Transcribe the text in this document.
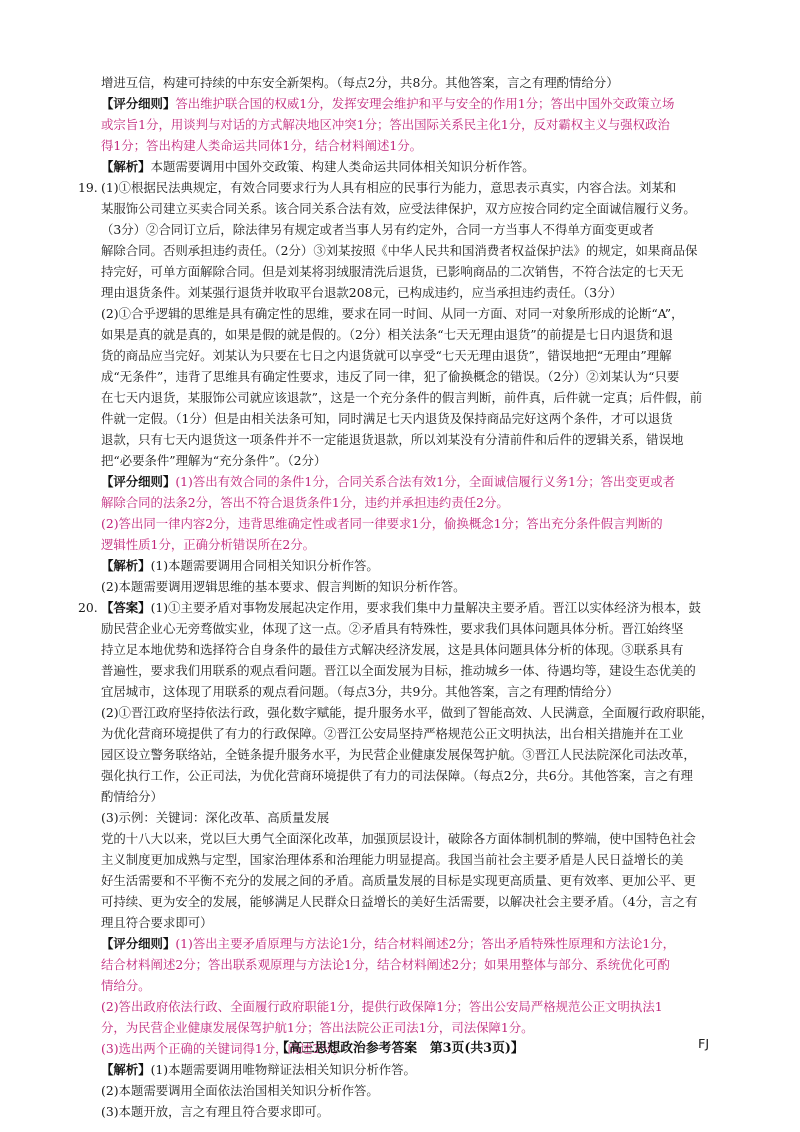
增进互信，构建可持续的中东安全新架构。（每点2分，共8分。其他答案，言之有理酌情给分）
【评分细则】答出维护联合国的权威1分，发挥安理会维护和平与安全的作用1分；答出中国外交政策立场
或宗旨1分，用谈判与对话的方式解决地区冲突1分；答出国际关系民主化1分，反对霸权主义与强权政治
得1分；答出构建人类命运共同体1分，结合材料阐述1分。
【解析】本题需要调用中国外交政策、构建人类命运共同体相关知识分析作答。
19. (1)①根据民法典规定，有效合同要求行为人具有相应的民事行为能力，意思表示真实，内容合法。刘某和
某服饰公司建立买卖合同关系。该合同关系合法有效，应受法律保护，双方应按合同约定全面诚信履行义务。
（3分）②合同订立后，除法律另有规定或者当事人另有约定外，合同一方当事人不得单方面变更或者
解除合同。否则承担违约责任。（2分）③刘某按照《中华人民共和国消费者权益保护法》的规定，如果商品保
持完好，可单方面解除合同。但是刘某将羽绒服清洗后退货，已影响商品的二次销售，不符合法定的七天无
理由退货条件。刘某强行退货并收取平台退款208元，已构成违约，应当承担违约责任。（3分）
(2)①合乎逻辑的思维是具有确定性的思维，要求在同一时间、从同一方面、对同一对象所形成的论断“A”，
如果是真的就是真的，如果是假的就是假的。（2分）相关法条“七天无理由退货”的前提是七日内退货和退
货的商品应当完好。刘某认为只要在七日之内退货就可以享受“七天无理由退货”，错误地把“无理由”理解
成“无条件”，违背了思维具有确定性要求，违反了同一律，犯了偷换概念的错误。（2分）②刘某认为“只要
在七天内退货，某服饰公司就应该退款”，这是一个充分条件的假言判断，前件真，后件就一定真；后件假，前
件就一定假。（1分）但是由相关法条可知，同时满足七天内退货及保持商品完好这两个条件，才可以退货
退款，只有七天内退货这一项条件并不一定能退货退款，所以刘某没有分清前件和后件的逻辑关系，错误地
把“必要条件”理解为“充分条件”。（2分）
【评分细则】(1)答出有效合同的条件1分，合同关系合法有效1分，全面诚信履行义务1分；答出变更或者
解除合同的法条2分，答出不符合退货条件1分，违约并承担违约责任2分。
(2)答出同一律内容2分，违背思维确定性或者同一律要求1分，偷换概念1分；答出充分条件假言判断的
逻辑性质1分，正确分析错误所在2分。
【解析】(1)本题需要调用合同相关知识分析作答。
(2)本题需要调用逻辑思维的基本要求、假言判断的知识分析作答。
20. 【答案】(1)①主要矛盾对事物发展起决定作用，要求我们集中力量解决主要矛盾。晋江以实体经济为根本，鼓
励民营企业心无旁骛做实业，体现了这一点。②矛盾具有特殊性，要求我们具体问题具体分析。晋江始终坚
持立足本地优势和选择符合自身条件的最佳方式解决经济发展，这是具体问题具体分析的体现。③联系具有
普遍性，要求我们用联系的观点看问题。晋江以全面发展为目标，推动城乡一体、待遇均等，建设生态优美的
宜居城市，这体现了用联系的观点看问题。（每点3分，共9分。其他答案，言之有理酌情给分）
(2)①晋江政府坚持依法行政，强化数字赋能，提升服务水平，做到了智能高效、人民满意，全面履行政府职能，
为优化营商环境提供了有力的行政保障。②晋江公安局坚持严格规范公正文明执法，出台相关措施并在工业
园区设立警务联络站，全链条提升服务水平，为民营企业健康发展保驾护航。③晋江人民法院深化司法改革，
强化执行工作，公正司法，为优化营商环境提供了有力的司法保障。（每点2分，共6分。其他答案，言之有理
酌情给分）
(3)示例：关键词：深化改革、高质量发展
党的十八大以来，党以巨大勇气全面深化改革，加强顶层设计，破除各方面体制机制的弊端，使中国特色社会
主义制度更加成熟与定型，国家治理体系和治理能力明显提高。我国当前社会主要矛盾是人民日益增长的美
好生活需要和不平衡不充分的发展之间的矛盾。高质量发展的目标是实现更高质量、更有效率、更加公平、更
可持续、更为安全的发展，能够满足人民群众日益增长的美好生活需要，以解决社会主要矛盾。（4分，言之有
理且符合要求即可）
【评分细则】(1)答出主要矛盾原理与方法论1分，结合材料阐述2分；答出矛盾特殊性原理和方法论1分，
结合材料阐述2分；答出联系观原理与方法论1分，结合材料阐述2分；如果用整体与部分、系统优化可酌
情给分。
(2)答出政府依法行政、全面履行政府职能1分，提供行政保障1分；答出公安局严格规范公正文明执法1
分，为民营企业健康发展保驾护航1分；答出法院公正司法1分，司法保障1分。
(3)选出两个正确的关键词得1分，阐述3分。
【解析】(1)本题需要调用唯物辩证法相关知识分析作答。
(2)本题需要调用全面依法治国相关知识分析作答。
(3)本题开放，言之有理且符合要求即可。
【高三思想政治参考答案　第3页(共3页)】	FJ
